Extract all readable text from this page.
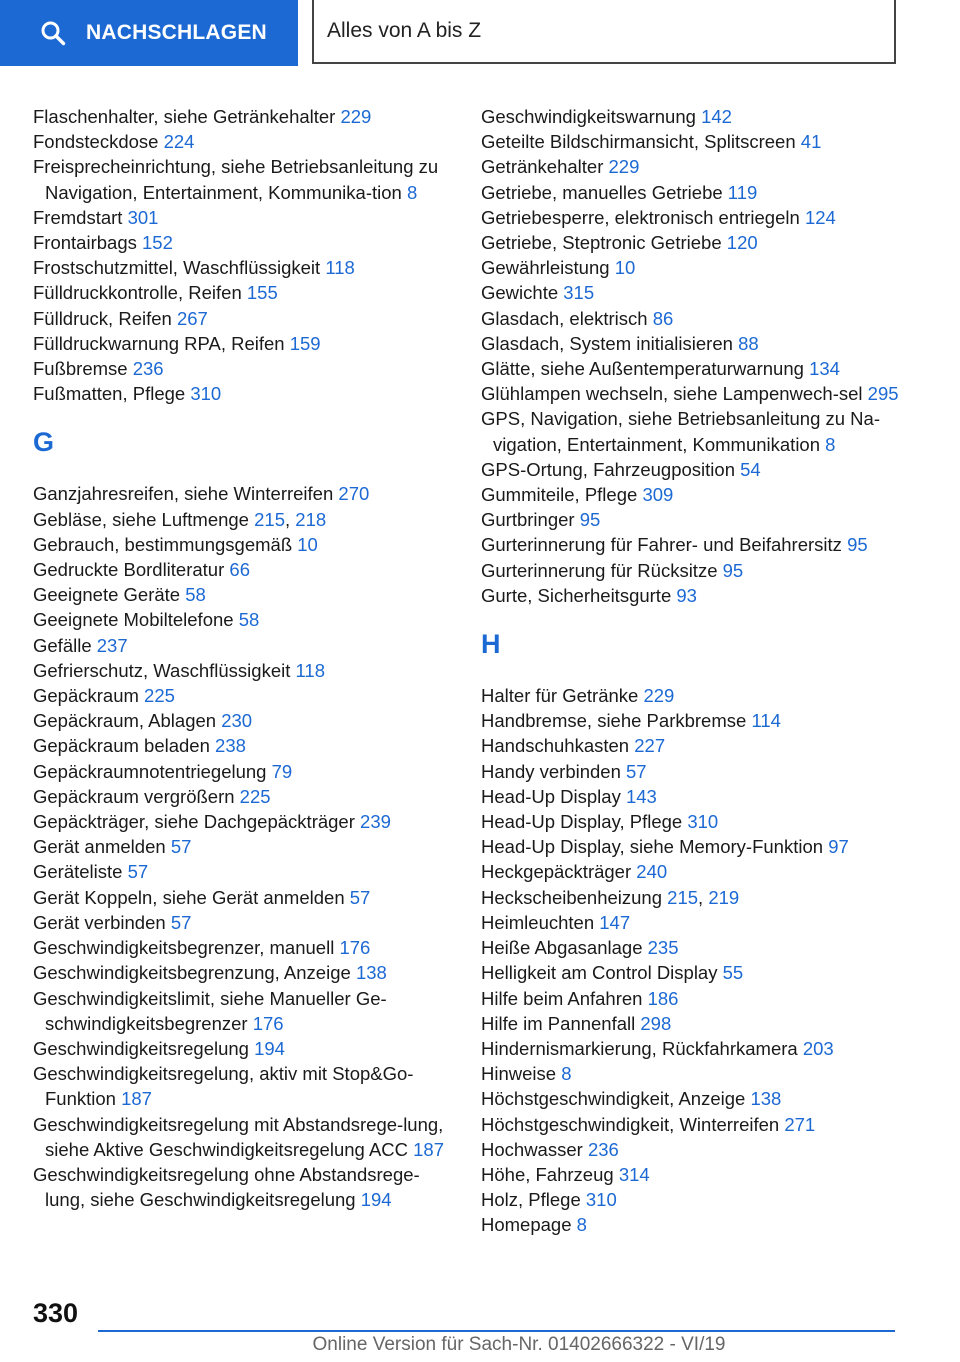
NACHSCHLAGEN	Alles von A bis Z
Flaschenhalter, siehe Getränkehalter 229
Fondsteckdose 224
Freisprecheinrichtung, siehe Betriebsanleitung zu Navigation, Entertainment, Kommunika-tion 8
Fremdstart 301
Frontairbags 152
Frostschutzmittel, Waschflüssigkeit 118
Fülldruckkontrolle, Reifen 155
Fülldruck, Reifen 267
Fülldruckwarnung RPA, Reifen 159
Fußbremse 236
Fußmatten, Pflege 310
G
Ganzjahresreifen, siehe Winterreifen 270
Gebläse, siehe Luftmenge 215, 218
Gebrauch, bestimmungsgemäß 10
Gedruckte Bordliteratur 66
Geeignete Geräte 58
Geeignete Mobiltelefone 58
Gefälle 237
Gefrierschutz, Waschflüssigkeit 118
Gepäckraum 225
Gepäckraum, Ablagen 230
Gepäckraum beladen 238
Gepäckraumnotentriegelung 79
Gepäckraum vergrößern 225
Gepäckträger, siehe Dachgepäckträger 239
Gerät anmelden 57
Geräteliste 57
Gerät Koppeln, siehe Gerät anmelden 57
Gerät verbinden 57
Geschwindigkeitsbegrenzer, manuell 176
Geschwindigkeitsbegrenzung, Anzeige 138
Geschwindigkeitslimit, siehe Manueller Ge-schwindigkeitsbegrenzer 176
Geschwindigkeitsregelung 194
Geschwindigkeitsregelung, aktiv mit Stop&Go-Funktion 187
Geschwindigkeitsregelung mit Abstandsrege-lung, siehe Aktive Geschwindigkeitsregelung ACC 187
Geschwindigkeitsregelung ohne Abstandsrege-lung, siehe Geschwindigkeitsregelung 194
Geschwindigkeitswarnung 142
Geteilte Bildschirmansicht, Splitscreen 41
Getränkehalter 229
Getriebe, manuelles Getriebe 119
Getriebesperre, elektronisch entriegeln 124
Getriebe, Steptronic Getriebe 120
Gewährleistung 10
Gewichte 315
Glasdach, elektrisch 86
Glasdach, System initialisieren 88
Glätte, siehe Außentemperaturwarnung 134
Glühlampen wechseln, siehe Lampenwech-sel 295
GPS, Navigation, siehe Betriebsanleitung zu Na-vigation, Entertainment, Kommunikation 8
GPS-Ortung, Fahrzeugposition 54
Gummiteile, Pflege 309
Gurtbringer 95
Gurterinnerung für Fahrer- und Beifahrersitz 95
Gurterinnerung für Rücksitze 95
Gurte, Sicherheitsgurte 93
H
Halter für Getränke 229
Handbremse, siehe Parkbremse 114
Handschuhkasten 227
Handy verbinden 57
Head-Up Display 143
Head-Up Display, Pflege 310
Head-Up Display, siehe Memory-Funktion 97
Heckgepäckträger 240
Heckscheibenheizung 215, 219
Heimleuchten 147
Heiße Abgasanlage 235
Helligkeit am Control Display 55
Hilfe beim Anfahren 186
Hilfe im Pannenfall 298
Hindernismarkierung, Rückfahrkamera 203
Hinweise 8
Höchstgeschwindigkeit, Anzeige 138
Höchstgeschwindigkeit, Winterreifen 271
Hochwasser 236
Höhe, Fahrzeug 314
Holz, Pflege 310
Homepage 8
330
Online Version für Sach-Nr. 01402666322 - VI/19
